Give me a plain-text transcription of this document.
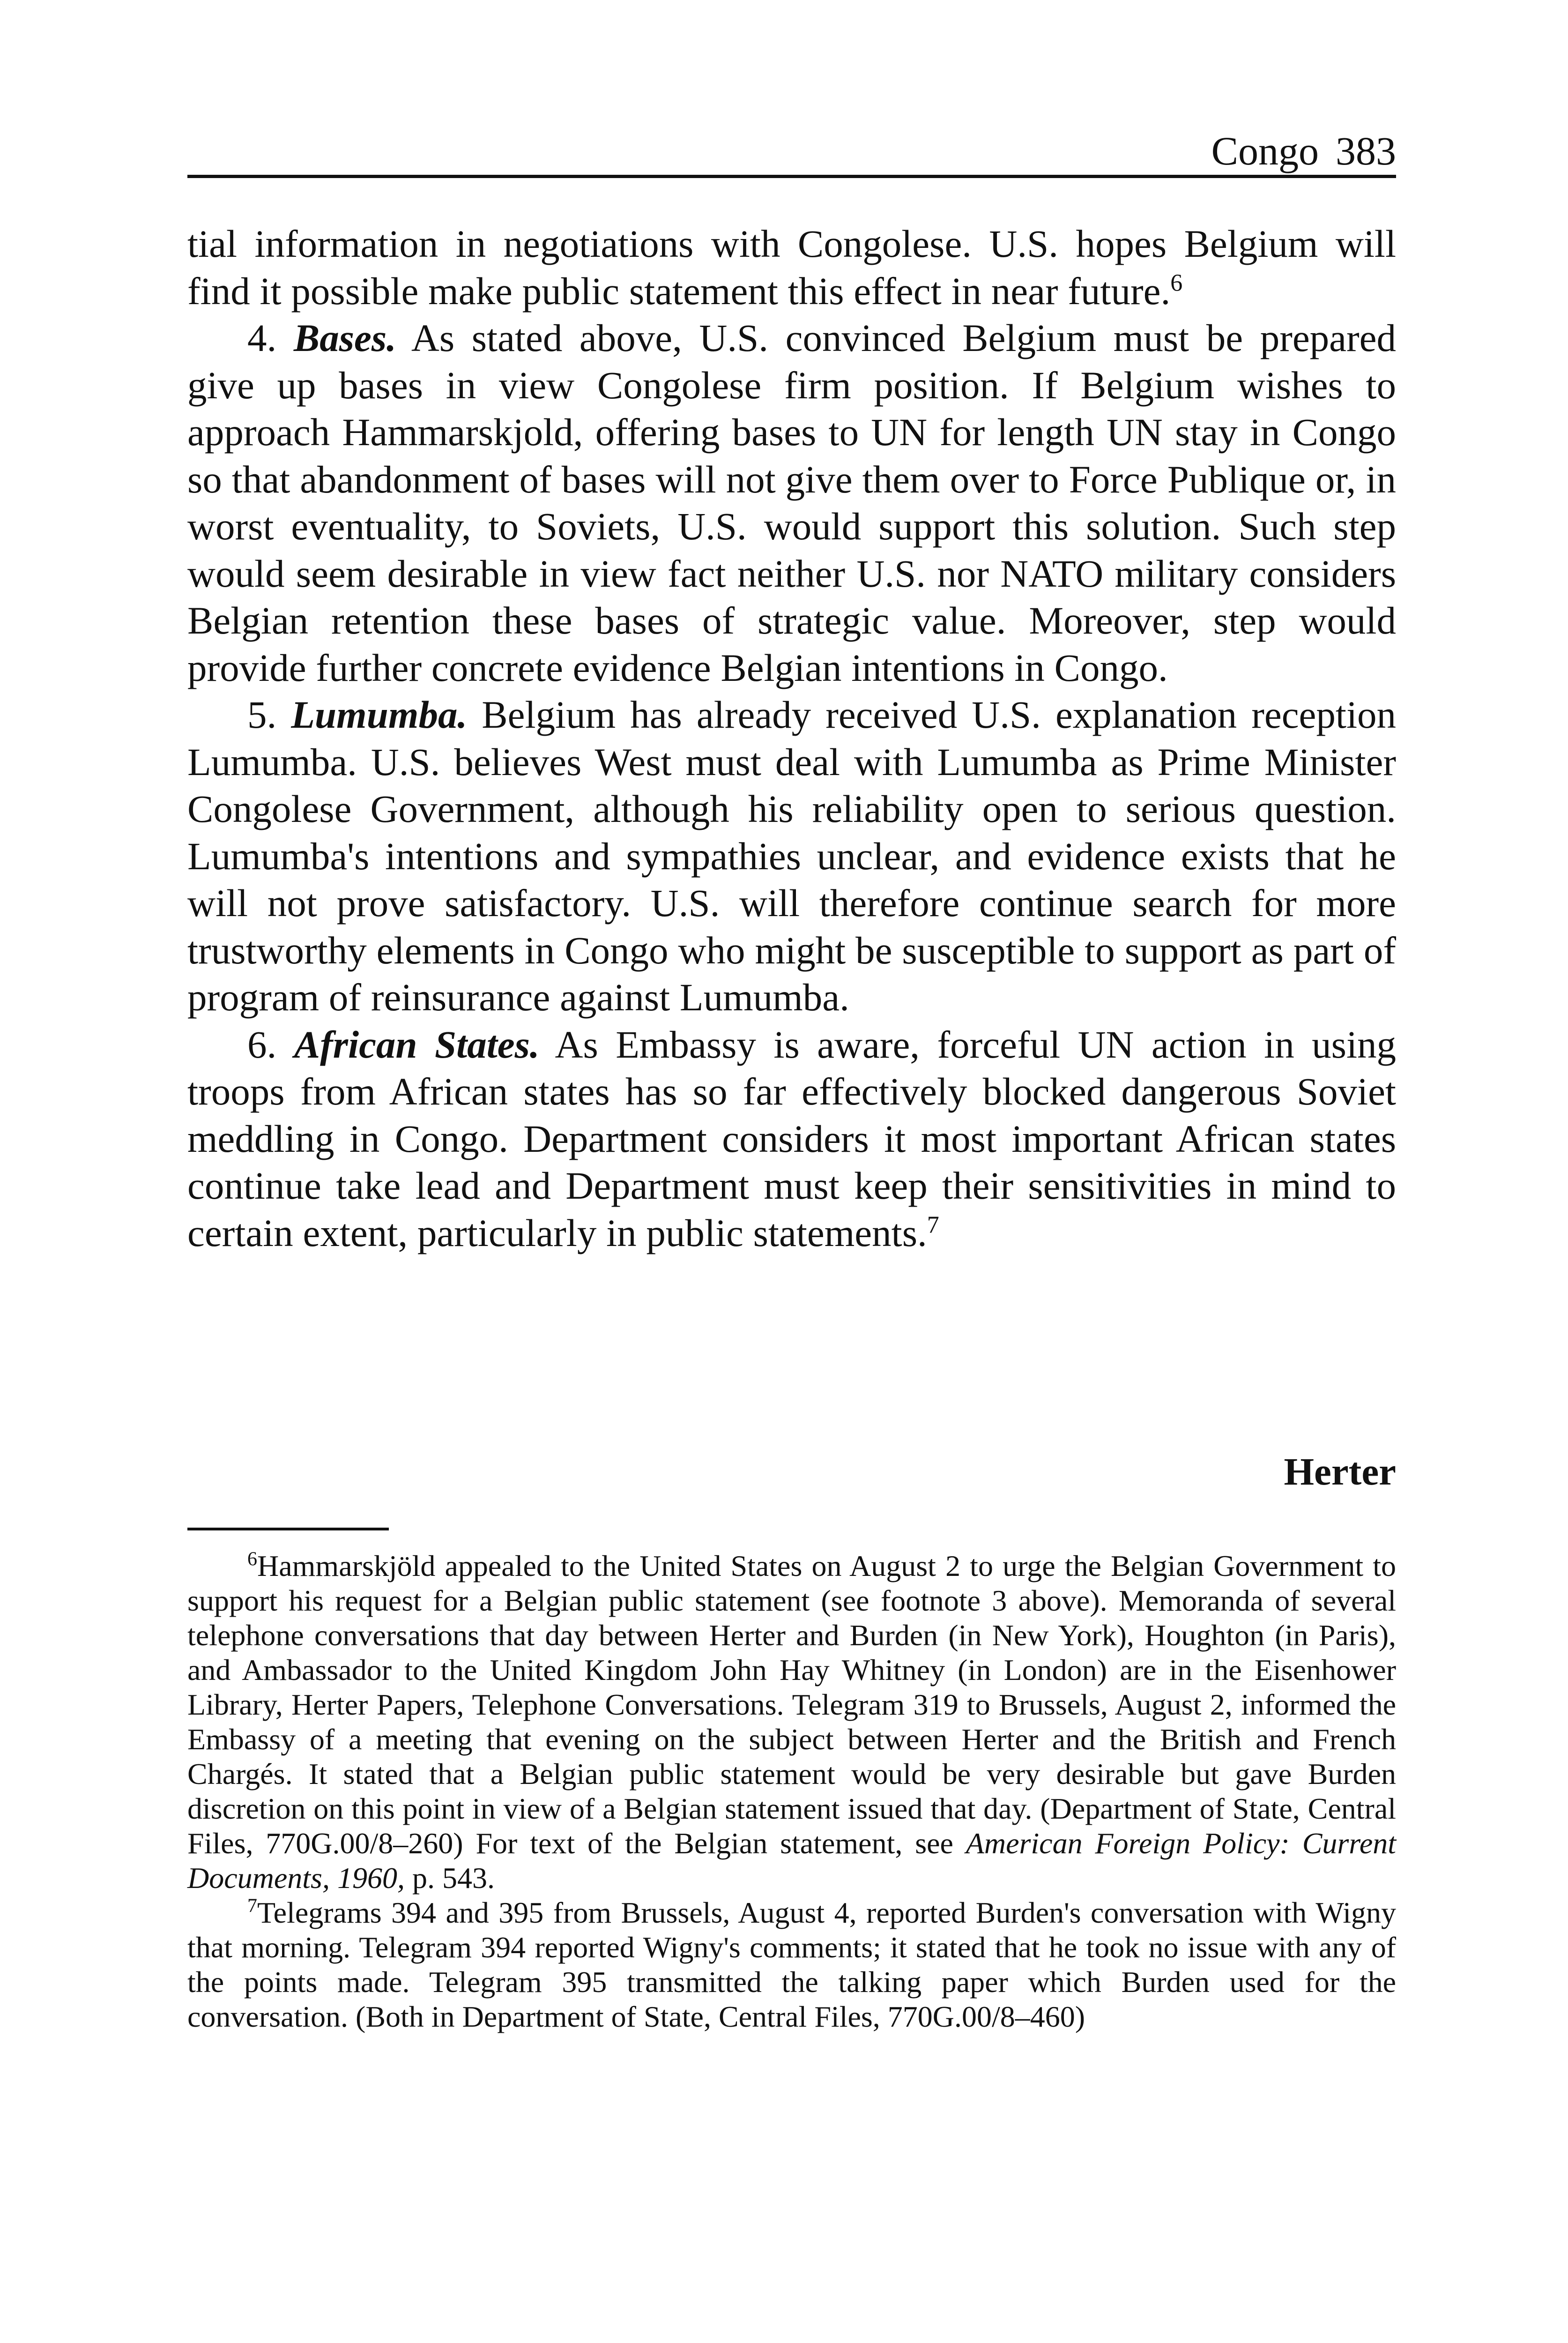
Congo 383

tial information in negotiations with Congolese. U.S. hopes Belgium will find it possible make public statement this effect in near future.$^6$

4. Bases. As stated above, U.S. convinced Belgium must be prepared give up bases in view Congolese firm position. If Belgium wishes to approach Hammarskjold, offering bases to UN for length UN stay in Congo so that abandonment of bases will not give them over to Force Publique or, in worst eventuality, to Soviets, U.S. would support this solution. Such step would seem desirable in view fact neither U.S. nor NATO military considers Belgian retention these bases of strategic value. Moreover, step would provide further concrete evidence Belgian intentions in Congo.

5. Lumumba. Belgium has already received U.S. explanation reception Lumumba. U.S. believes West must deal with Lumumba as Prime Minister Congolese Government, although his reliability open to serious question. Lumumba's intentions and sympathies unclear, and evidence exists that he will not prove satisfactory. U.S. will therefore continue search for more trustworthy elements in Congo who might be susceptible to support as part of program of reinsurance against Lumumba.

6. African States. As Embassy is aware, forceful UN action in using troops from African states has so far effectively blocked dangerous Soviet meddling in Congo. Department considers it most important African states continue take lead and Department must keep their sensitivities in mind to certain extent, particularly in public statements.$^7$

Herter

$^6$Hammarskjöld appealed to the United States on August 2 to urge the Belgian Government to support his request for a Belgian public statement (see footnote 3 above). Memoranda of several telephone conversations that day between Herter and Burden (in New York), Houghton (in Paris), and Ambassador to the United Kingdom John Hay Whitney (in London) are in the Eisenhower Library, Herter Papers, Telephone Conversations. Telegram 319 to Brussels, August 2, informed the Embassy of a meeting that evening on the subject between Herter and the British and French Chargés. It stated that a Belgian public statement would be very desirable but gave Burden discretion on this point in view of a Belgian statement issued that day. (Department of State, Central Files, 770G.00/8–260) For text of the Belgian statement, see American Foreign Policy: Current Documents, 1960, p. 543.

$^7$Telegrams 394 and 395 from Brussels, August 4, reported Burden's conversation with Wigny that morning. Telegram 394 reported Wigny's comments; it stated that he took no issue with any of the points made. Telegram 395 transmitted the talking paper which Burden used for the conversation. (Both in Department of State, Central Files, 770G.00/8–460)
